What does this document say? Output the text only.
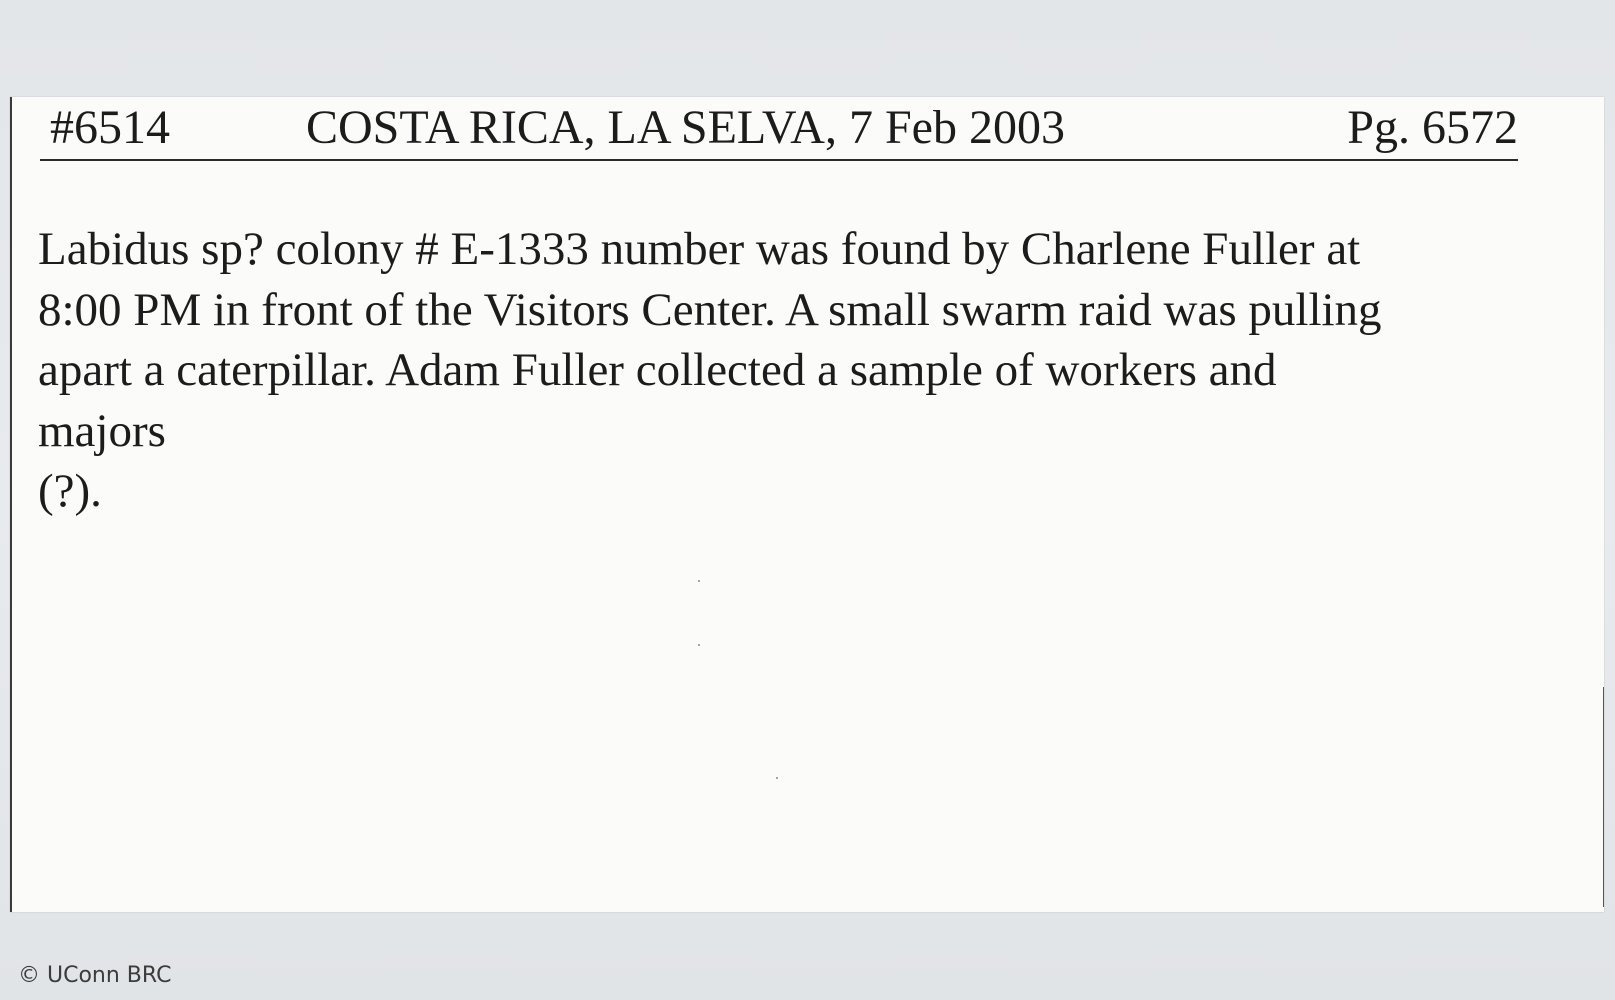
#6514	COSTA RICA, LA SELVA, 7 Feb 2003	Pg. 6572
Labidus sp? colony # E-1333 number was found by Charlene Fuller at
8:00 PM in front of the Visitors Center. A small swarm raid was pulling
apart a caterpillar. Adam Fuller collected a sample of workers and
majors
(?).
© UConn BRC
